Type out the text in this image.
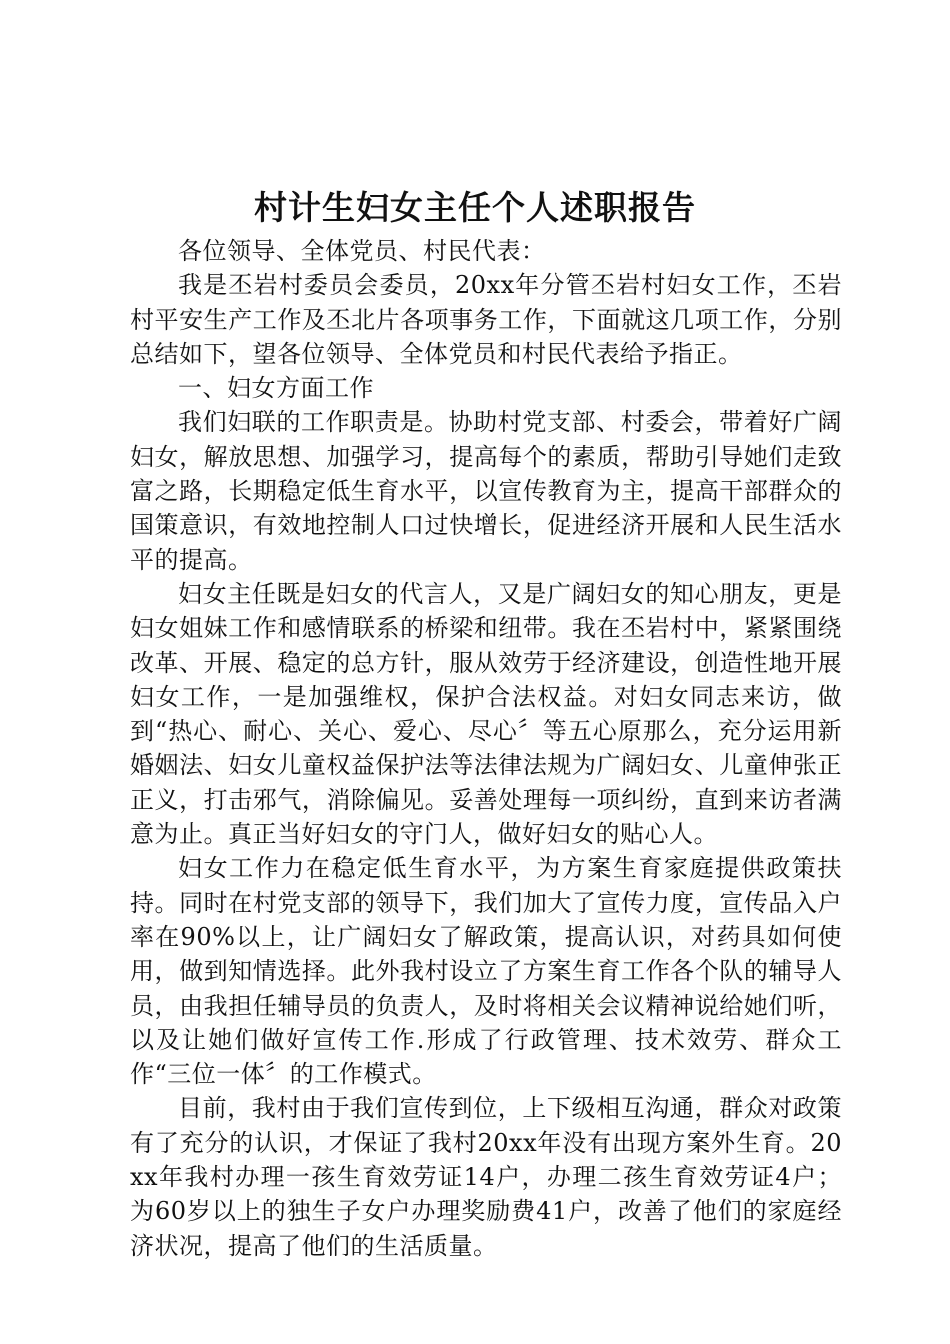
村计生妇女主任个人述职报告

各位领导、全体党员、村民代表：

我是丕岩村委员会委员，20xx年分管丕岩村妇女工作，丕岩村平安生产工作及丕北片各项事务工作，下面就这几项工作，分别总结如下，望各位领导、全体党员和村民代表给予指正。

一、妇女方面工作

我们妇联的工作职责是。协助村党支部、村委会，带着好广阔妇女，解放思想、加强学习，提高每个的素质，帮助引导她们走致富之路，长期稳定低生育水平，以宣传教育为主，提高干部群众的国策意识，有效地控制人口过快增长，促进经济开展和人民生活水平的提高。

妇女主任既是妇女的代言人，又是广阔妇女的知心朋友，更是妇女姐妹工作和感情联系的桥梁和纽带。我在丕岩村中，紧紧围绕改革、开展、稳定的总方针，服从效劳于经济建设，创造性地开展妇女工作，一是加强维权，保护合法权益。对妇女同志来访，做到“热心、耐心、关心、爱心、尽心〞等五心原那么，充分运用新婚姻法、妇女儿童权益保护法等法律法规为广阔妇女、儿童伸张正正义，打击邪气，消除偏见。妥善处理每一项纠纷，直到来访者满意为止。真正当好妇女的守门人，做好妇女的贴心人。

妇女工作力在稳定低生育水平，为方案生育家庭提供政策扶持。同时在村党支部的领导下，我们加大了宣传力度，宣传品入户率在90%以上，让广阔妇女了解政策，提高认识，对药具如何使用，做到知情选择。此外我村设立了方案生育工作各个队的辅导人员，由我担任辅导员的负责人，及时将相关会议精神说给她们听，以及让她们做好宣传工作.形成了行政管理、技术效劳、群众工作“三位一体〞的工作模式。

目前，我村由于我们宣传到位，上下级相互沟通，群众对政策有了充分的认识，才保证了我村20xx年没有出现方案外生育。20xx年我村办理一孩生育效劳证14户，办理二孩生育效劳证4户；为60岁以上的独生子女户办理奖励费41户，改善了他们的家庭经济状况，提高了他们的生活质量。
